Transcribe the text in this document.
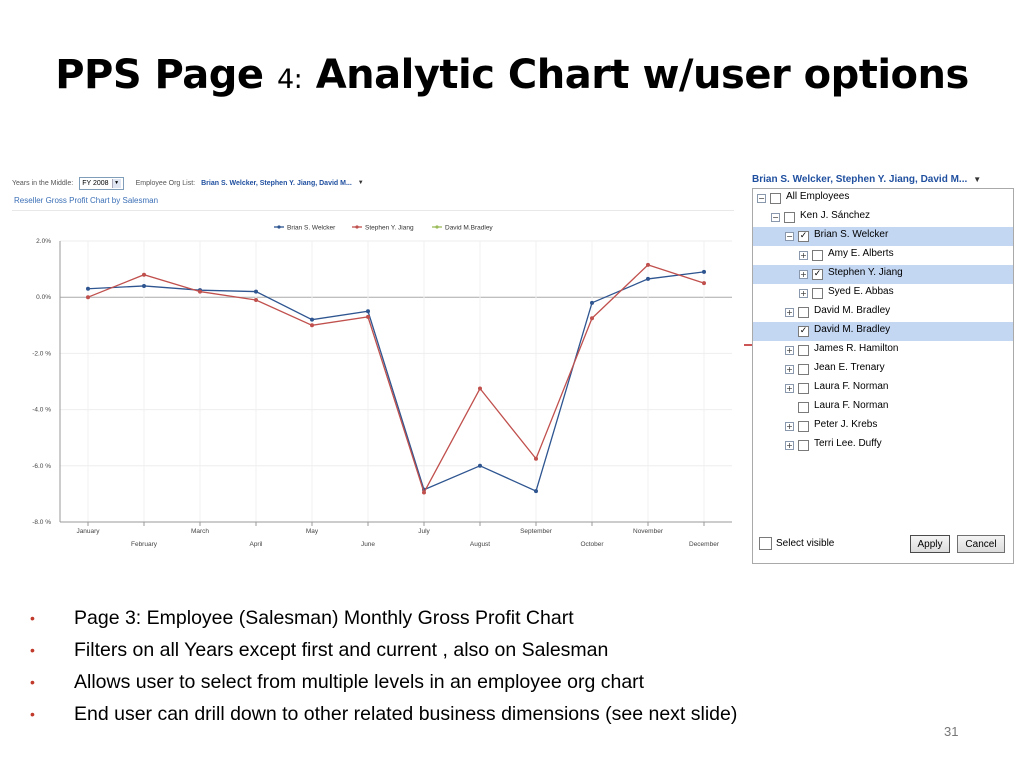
PPS Page 4: Analytic Chart w/user options
2.0%
0.0%
-2.0 %
-4.0 %
-6.0 %
-8.0 %
January
February
March
April
May
June
July
August
September
October
November
December
Brian S. Welcker	Stephen Y. Jiang	David M.Bradley
Years in the Middle: FY 2008	▼ Employee Org List: Brian S. Welcker, Stephen Y. Jiang, David M... ▼
Reseller Gross Profit Chart by Salesman
Brian S. Welcker, Stephen Y. Jiang, David M... ▼
− All Employees
− Ken J. Sánchez
− ✓ Brian S. Welcker
+ Amy E. Alberts
+ ✓ Stephen Y. Jiang
+ Syed E. Abbas
+ David M. Bradley
✓ David M. Bradley
+ James R. Hamilton
+ Jean E. Trenary
+ Laura F. Norman
Laura F. Norman
+ Peter J. Krebs
+ Terri Lee. Duffy
Select visible	Apply	Cancel
• Page 3: Employee (Salesman) Monthly Gross Profit Chart
• Filters on all Years except first and current , also on Salesman
• Allows user to select from multiple levels in an employee org chart
• End user can drill down to other related business dimensions (see next slide)
31
